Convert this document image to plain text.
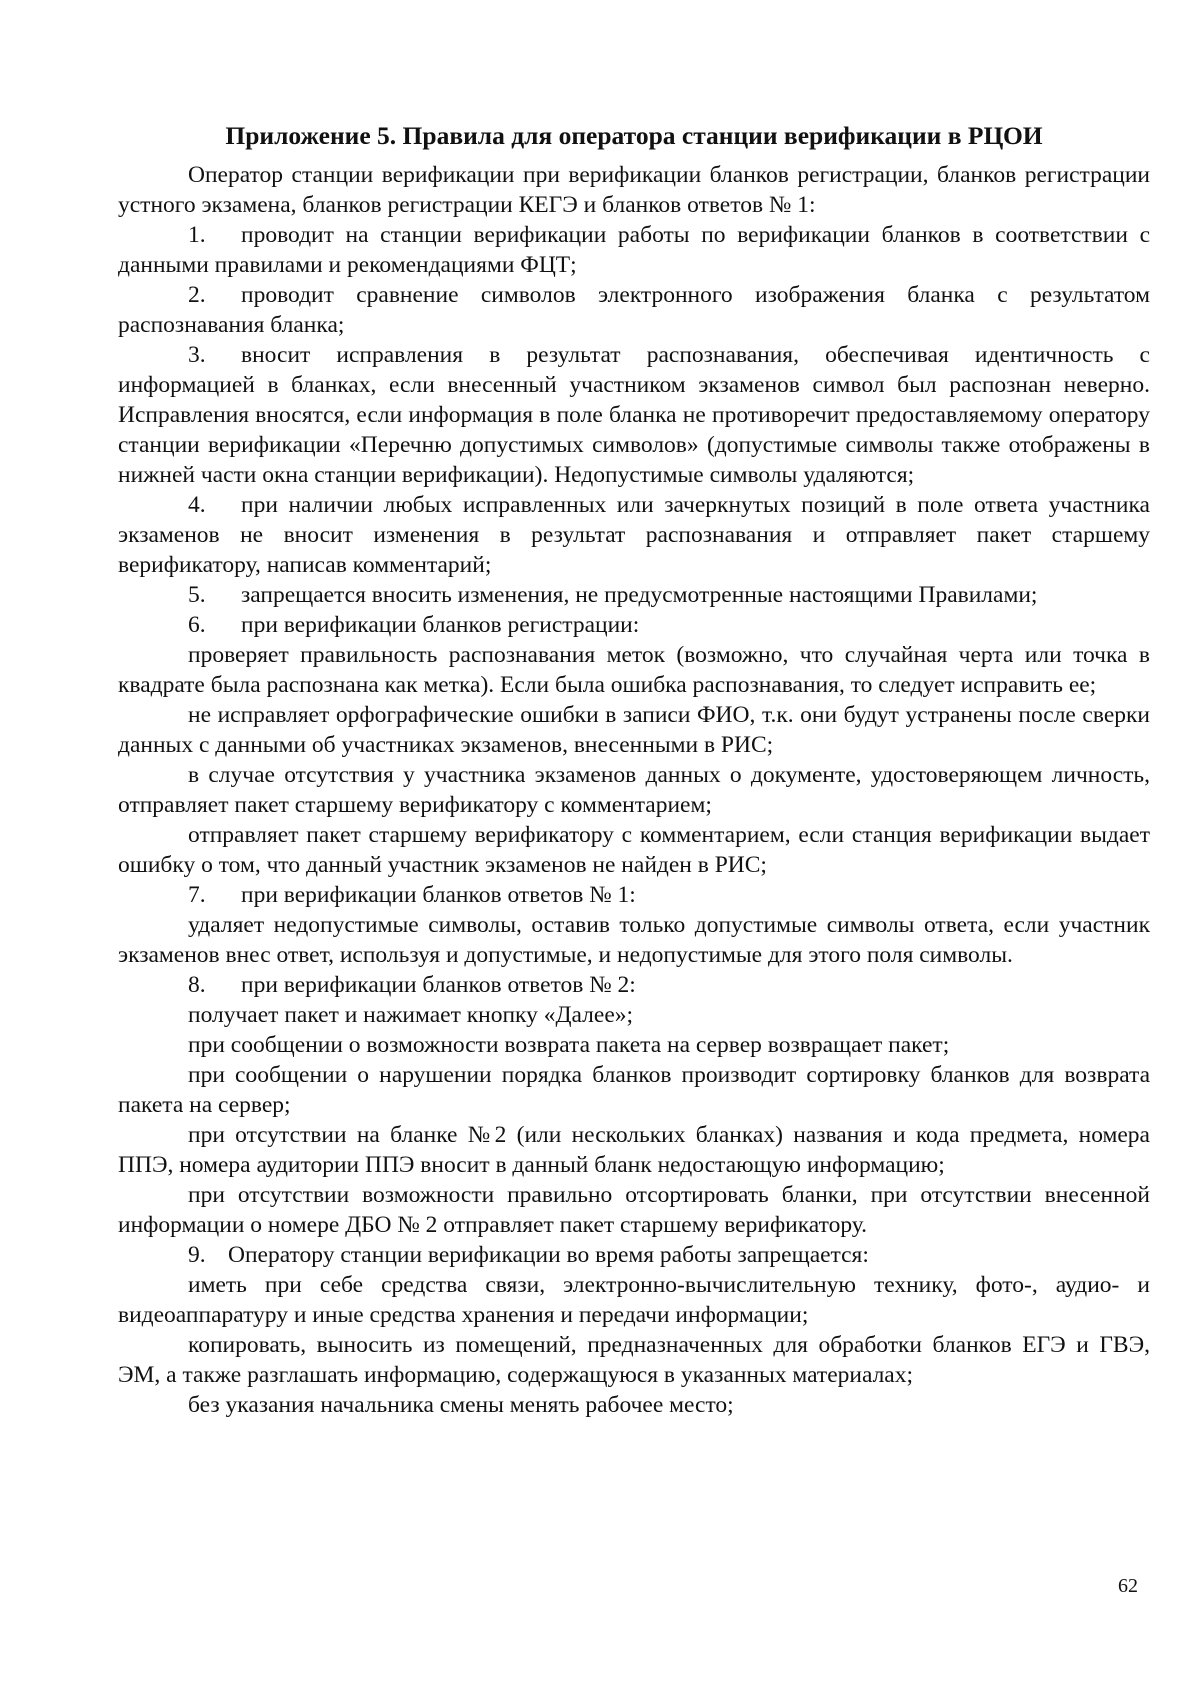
Приложение 5. Правила для оператора станции верификации в РЦОИ

Оператор станции верификации при верификации бланков регистрации, бланков регистрации устного экзамена, бланков регистрации КЕГЭ и бланков ответов № 1:

1. проводит на станции верификации работы по верификации бланков в соответствии с данными правилами и рекомендациями ФЦТ;

2. проводит сравнение символов электронного изображения бланка с результатом распознавания бланка;

3. вносит исправления в результат распознавания, обеспечивая идентичность с информацией в бланках, если внесенный участником экзаменов символ был распознан неверно. Исправления вносятся, если информация в поле бланка не противоречит предоставляемому оператору станции верификации «Перечню допустимых символов» (допустимые символы также отображены в нижней части окна станции верификации). Недопустимые символы удаляются;

4. при наличии любых исправленных или зачеркнутых позиций в поле ответа участника экзаменов не вносит изменения в результат распознавания и отправляет пакет старшему верификатору, написав комментарий;

5. запрещается вносить изменения, не предусмотренные настоящими Правилами;

6. при верификации бланков регистрации:

проверяет правильность распознавания меток (возможно, что случайная черта или точка в квадрате была распознана как метка). Если была ошибка распознавания, то следует исправить ее;

не исправляет орфографические ошибки в записи ФИО, т.к. они будут устранены после сверки данных с данными об участниках экзаменов, внесенными в РИС;

в случае отсутствия у участника экзаменов данных о документе, удостоверяющем личность, отправляет пакет старшему верификатору с комментарием;

отправляет пакет старшему верификатору с комментарием, если станция верификации выдает ошибку о том, что данный участник экзаменов не найден в РИС;

7. при верификации бланков ответов № 1:

удаляет недопустимые символы, оставив только допустимые символы ответа, если участник экзаменов внес ответ, используя и допустимые, и недопустимые для этого поля символы.

8. при верификации бланков ответов № 2:

получает пакет и нажимает кнопку «Далее»;

при сообщении о возможности возврата пакета на сервер возвращает пакет;

при сообщении о нарушении порядка бланков производит сортировку бланков для возврата пакета на сервер;

при отсутствии на бланке №2 (или нескольких бланках) названия и кода предмета, номера ППЭ, номера аудитории ППЭ вносит в данный бланк недостающую информацию;

при отсутствии возможности правильно отсортировать бланки, при отсутствии внесенной информации о номере ДБО № 2 отправляет пакет старшему верификатору.

9. Оператору станции верификации во время работы запрещается:

иметь при себе средства связи, электронно-вычислительную технику, фото-, аудио- и видеоаппаратуру и иные средства хранения и передачи информации;

копировать, выносить из помещений, предназначенных для обработки бланков ЕГЭ и ГВЭ, ЭМ, а также разглашать информацию, содержащуюся в указанных материалах;

без указания начальника смены менять рабочее место;

62
